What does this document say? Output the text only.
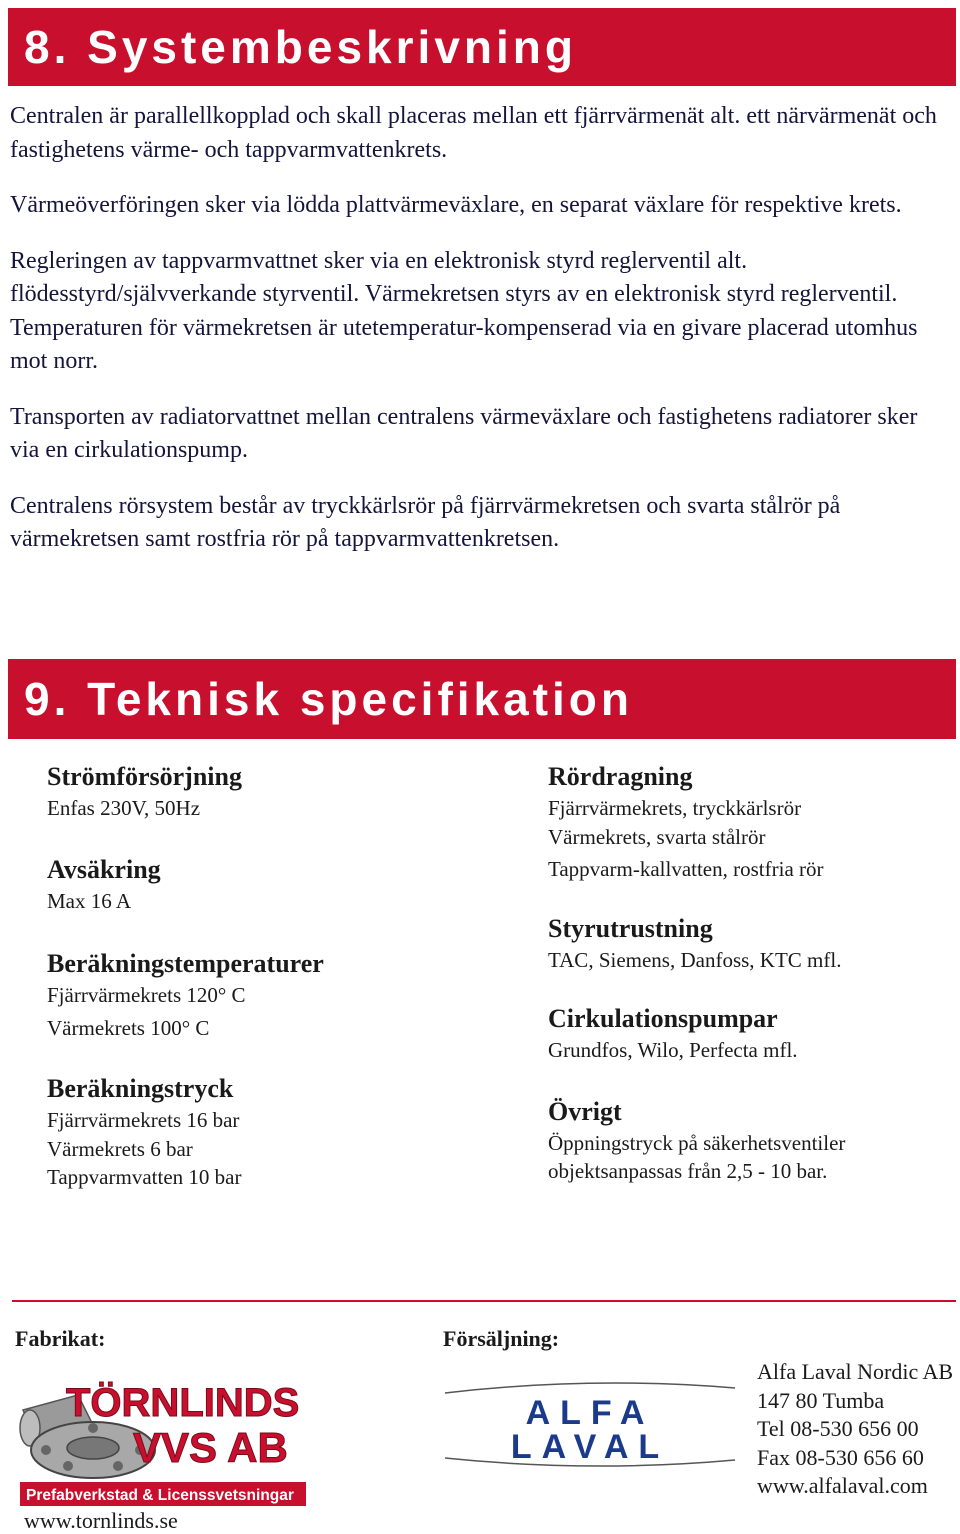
8. Systembeskrivning

Centralen är parallellkopplad och skall placeras mellan ett fjärrvärmenät alt. ett närvärmenät och fastighetens värme- och tappvarmvattenkrets.

Värmeöverföringen sker via lödda plattvärmeväxlare, en separat växlare för respektive krets.

Regleringen av tappvarmvattnet sker via en elektronisk styrd reglerventil alt. flödesstyrd/självverkande styrventil. Värmekretsen styrs av en elektronisk styrd reglerventil. Temperaturen för värmekretsen är utetemperatur-kompenserad via en givare placerad utomhus mot norr.

Transporten av radiatorvattnet mellan centralens värmeväxlare och fastighetens radiatorer sker via en cirkulationspump.

Centralens rörsystem består av tryckkärlsrör på fjärrvärmekretsen och svarta stålrör på värmekretsen samt rostfria rör på tappvarmvattenkretsen.

9. Teknisk specifikation
Strömförsörjning
Enfas 230V, 50Hz
Avsäkring
Max 16 A
Beräkningstemperaturer
Fjärrvärmekrets 120° C
Värmekrets 100° C
Beräkningstryck
Fjärrvärmekrets 16 bar
Värmekrets 6 bar
Tappvarmvatten 10 bar
Rördragning
Fjärrvärmekrets, tryckkärlsrör
Värmekrets, svarta stålrör
Tappvarm-kallvatten, rostfria rör
Styrutrustning
TAC, Siemens, Danfoss, KTC mfl.
Cirkulationspumpar
Grundfos, Wilo, Perfecta mfl.
Övrigt
Öppningstryck på säkerhetsventiler
objektsanpassas från 2,5 - 10 bar.
Fabrikat:	Försäljning:
TÖRNLINDS
VVS AB
Prefabverkstad & Licenssvetsningar
www.tornlinds.se
ALFA
LAVAL
Alfa Laval Nordic AB
147 80 Tumba
Tel 08-530 656 00
Fax 08-530 656 60
www.alfalaval.com
